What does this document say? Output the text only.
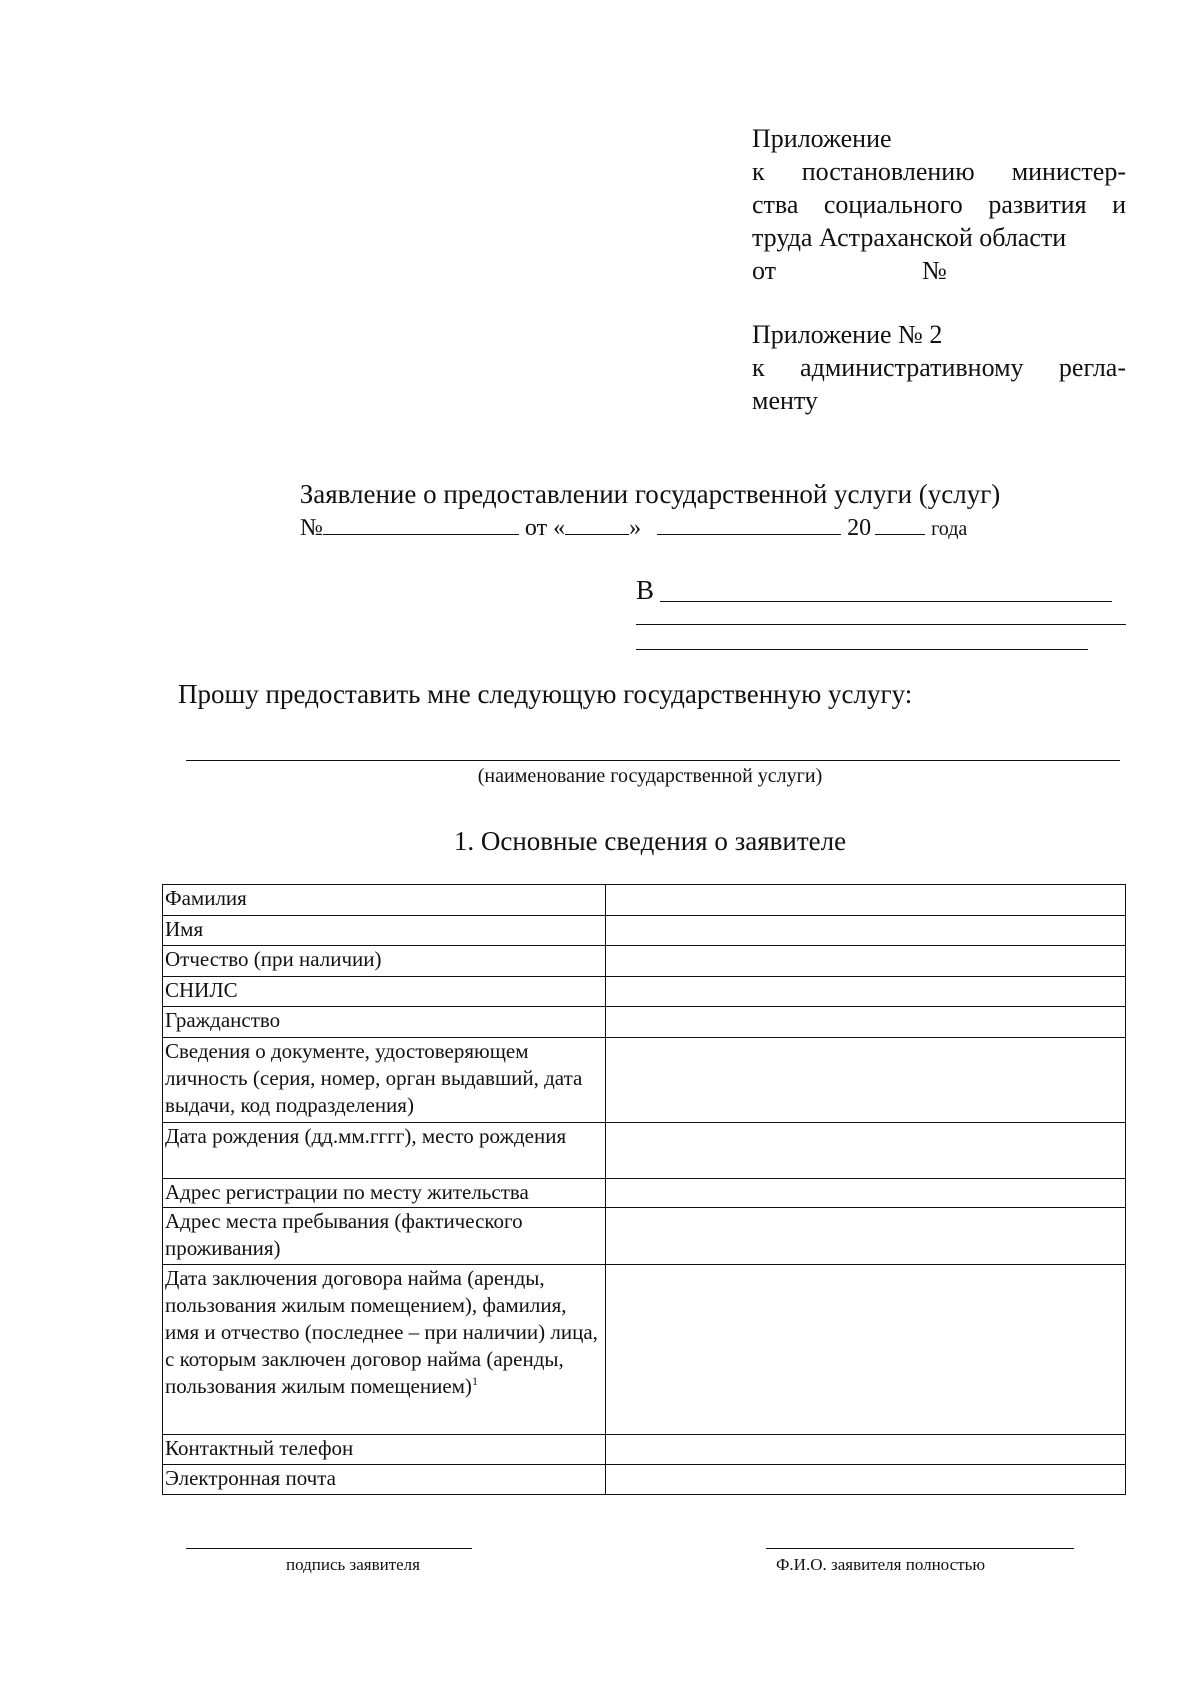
Приложение
к постановлению министер-
ства социального развития и
труда Астраханской области
от	№
Приложение № 2
к административному регла-
менту
Заявление о предоставлении государственной услуги (услуг)
№	от «	»	20	года
В
Прошу предоставить мне следующую государственную услугу:
(наименование государственной услуги)
1. Основные сведения о заявителе
Фамилия	
Имя	
Отчество (при наличии)	
СНИЛС	
Гражданство	
Сведения о документе, удостоверяющем личность (серия, номер, орган выдавший, дата выдачи, код подразделения)	
Дата рождения (дд.мм.гггг), место рождения	
Адрес регистрации по месту жительства	
Адрес места пребывания (фактического проживания)	
Дата заключения договора найма (аренды, пользования жилым помещением), фамилия, имя и отчество (последнее – при наличии) лица, с которым заключен договор найма (аренды, пользования жилым помещением)$^1$	
Контактный телефон	
Электронная почта	
подпись заявителя	Ф.И.О. заявителя полностью
